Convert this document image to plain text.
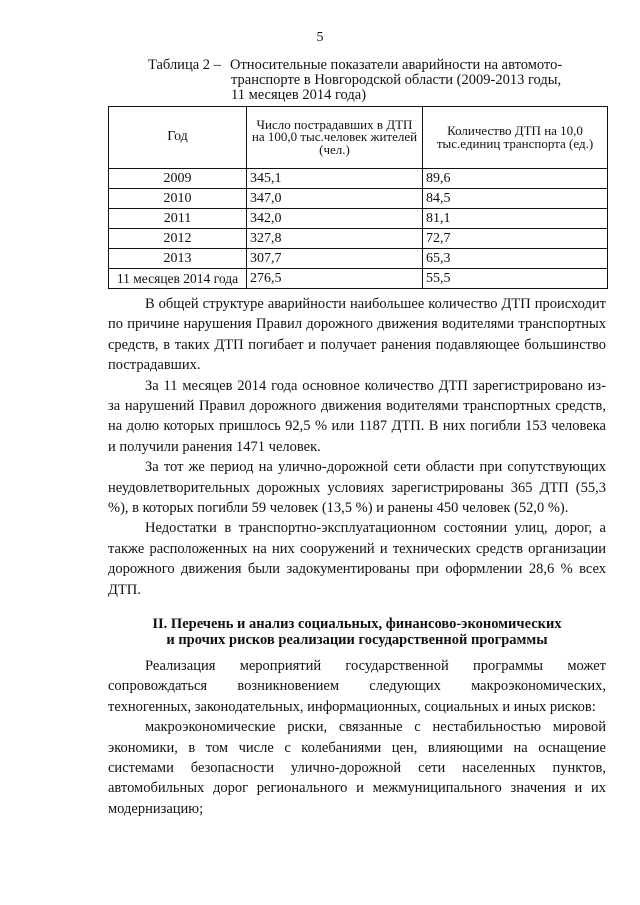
5
Таблица 2 – Относительные показатели аварийности на автомото-
транспорте в Новгородской области (2009-2013 годы,
11 месяцев 2014 года)
Год	Число пострадавших в ДТП на 100,0 тыс.человек жителей (чел.)	Количество ДТП на 10,0 тыс.единиц транспорта (ед.)
2009	345,1	89,6
2010	347,0	84,5
2011	342,0	81,1
2012	327,8	72,7
2013	307,7	65,3
11 месяцев 2014 года	276,5	55,5

В общей структуре аварийности наибольшее количество ДТП происходит по причине нарушения Правил дорожного движения водителями транспортных средств, в таких ДТП погибает и получает ранения подавляющее большинство пострадавших.

За 11 месяцев 2014 года основное количество ДТП зарегистрировано из-за нарушений Правил дорожного движения водителями транспортных средств, на долю которых пришлось 92,5 % или 1187 ДТП. В них погибли 153 человека и получили ранения 1471 человек.

За тот же период на улично-дорожной сети области при сопутствующих неудовлетворительных дорожных условиях зарегистрированы 365 ДТП (55,3 %), в которых погибли 59 человек (13,5 %) и ранены 450 человек (52,0 %).

Недостатки в транспортно-эксплуатационном состоянии улиц, дорог, а также расположенных на них сооружений и технических средств организации дорожного движения были задокументированы при оформлении 28,6 % всех ДТП.

II. Перечень и анализ социальных, финансово-экономических
и прочих рисков реализации государственной программы

Реализация мероприятий государственной программы может сопровождаться возникновением следующих макроэкономических, техногенных, законодательных, информационных, социальных и иных рисков:

макроэкономические риски, связанные с нестабильностью мировой экономики, в том числе с колебаниями цен, влияющими на оснащение системами безопасности улично-дорожной сети населенных пунктов, автомобильных дорог регионального и межмуниципального значения и их модернизацию;
